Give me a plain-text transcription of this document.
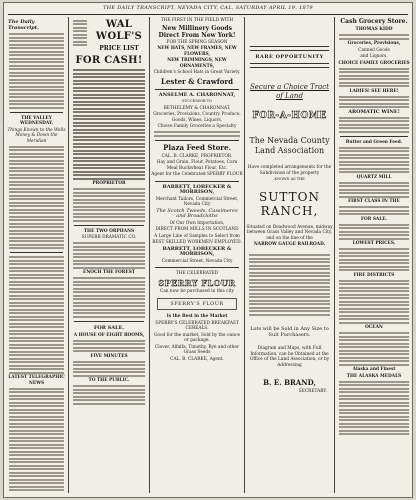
THE DAILY TRANSCRIPT, NEVADA CITY, CAL. SATURDAY APRIL 19, 1879
The Daily Transcript.
THE VALLEY WEDNESDAY.
Things Known to the Wells Money & Down the Meridian
LATEST TELEGRAPHIC NEWS
WAL WOLF'S
PRICE LIST
FOR CASH!
PROPRIETOR
THE TWO ORPHANS
SUPERB DRAMATIC CO.
ENOCH THE FOREST
FOR SALE.
A HOUSE OF EIGHT ROOMS,
FIVE MINUTES
TO THE PUBLIC.
THE FIRST IN THE FIELD WITH
New Millinery Goods Direct From New York!
FOR THE SPRING SEASON
NEW HATS, NEW FRAMES, NEW FLOWERS,
NEW TRIMMINGS, NEW ORNAMENTS,
Children's School Hats in Great Variety.
Lester & Crawford
ANSELME A. CHARONNAT,
SUCCESSOR TO
BETHELEMY & CHARONNAT,
Groceries, Provisions, Country Produce, Goods, Wines, Liquors,
Choice Family Groceries a Specialty
Plaza Feed Store.
CAL. B. CLARKE, PROPRIETOR.
Hay and Grain, Flour, Potatoes, Corn Meal Buckwheat Flour, Etc.
Agent for the Celebrated SPERRY FLOUR
BARRETT, LOBECKER & MORRISON,
Merchant Tailors, Commercial Street, Nevada City
The Scotch Tweeds, Cassimeres and Broadcloths
Of Our Own Importation,
DIRECT FROM MILLS IN SCOTLAND
A Large Line of Samples to Select from
BEST SKILLED WORKMEN EMPLOYED.
BARRETT, LOBECKER & MORRISON,
Commercial Street, Nevada City
THE CELEBRATED
SPERRY FLOUR
Can now be purchased in this city
SPERRY'S FLOUR
Is the Best in the Market
SPERRY'S CELEBRATED BREAKFAST CEREALS.
Good for the market, Sold by the ounce or package.
Clover, Alfalfa, Timothy, Rye and other Grass Seeds
CAL. B. CLARKE, Agent.
RARE OPPORTUNITY
Secure a Choice Tract of Land
FOR-A-HOME
The Nevada County
Land Association
Have completed arrangements for the Subdivision of the property
KNOWN AS THE
SUTTON RANCH,
Situated on Deadwood Avenue, midway between Grass Valley and Nevada City, and on the line of the
NARROW GAUGE RAILROAD.
Lots will be Sold in Any Size to Suit Purchasers.
Diagram and Maps, with Full Information, can be Obtained at the Office of the Land Association, or by Addressing
B. E. BRAND,
SECRETARY.
Cash Grocery Store.
THOMAS KIDD
Groceries, Provisions,
Canned Goods
and Liquors.
CHOICE FAMILY GROCERIES
LADIES! SEE HERE!
AROMATIC WINE!
Butter and Green Feed.
QUARTZ MILL
FIRST CLASS IN THE
FOR SALE.
LOWEST PRICES.
FIRE DISTRICTS
OCEAN
Alaska and Finest
THE ALASKA MEDALS
